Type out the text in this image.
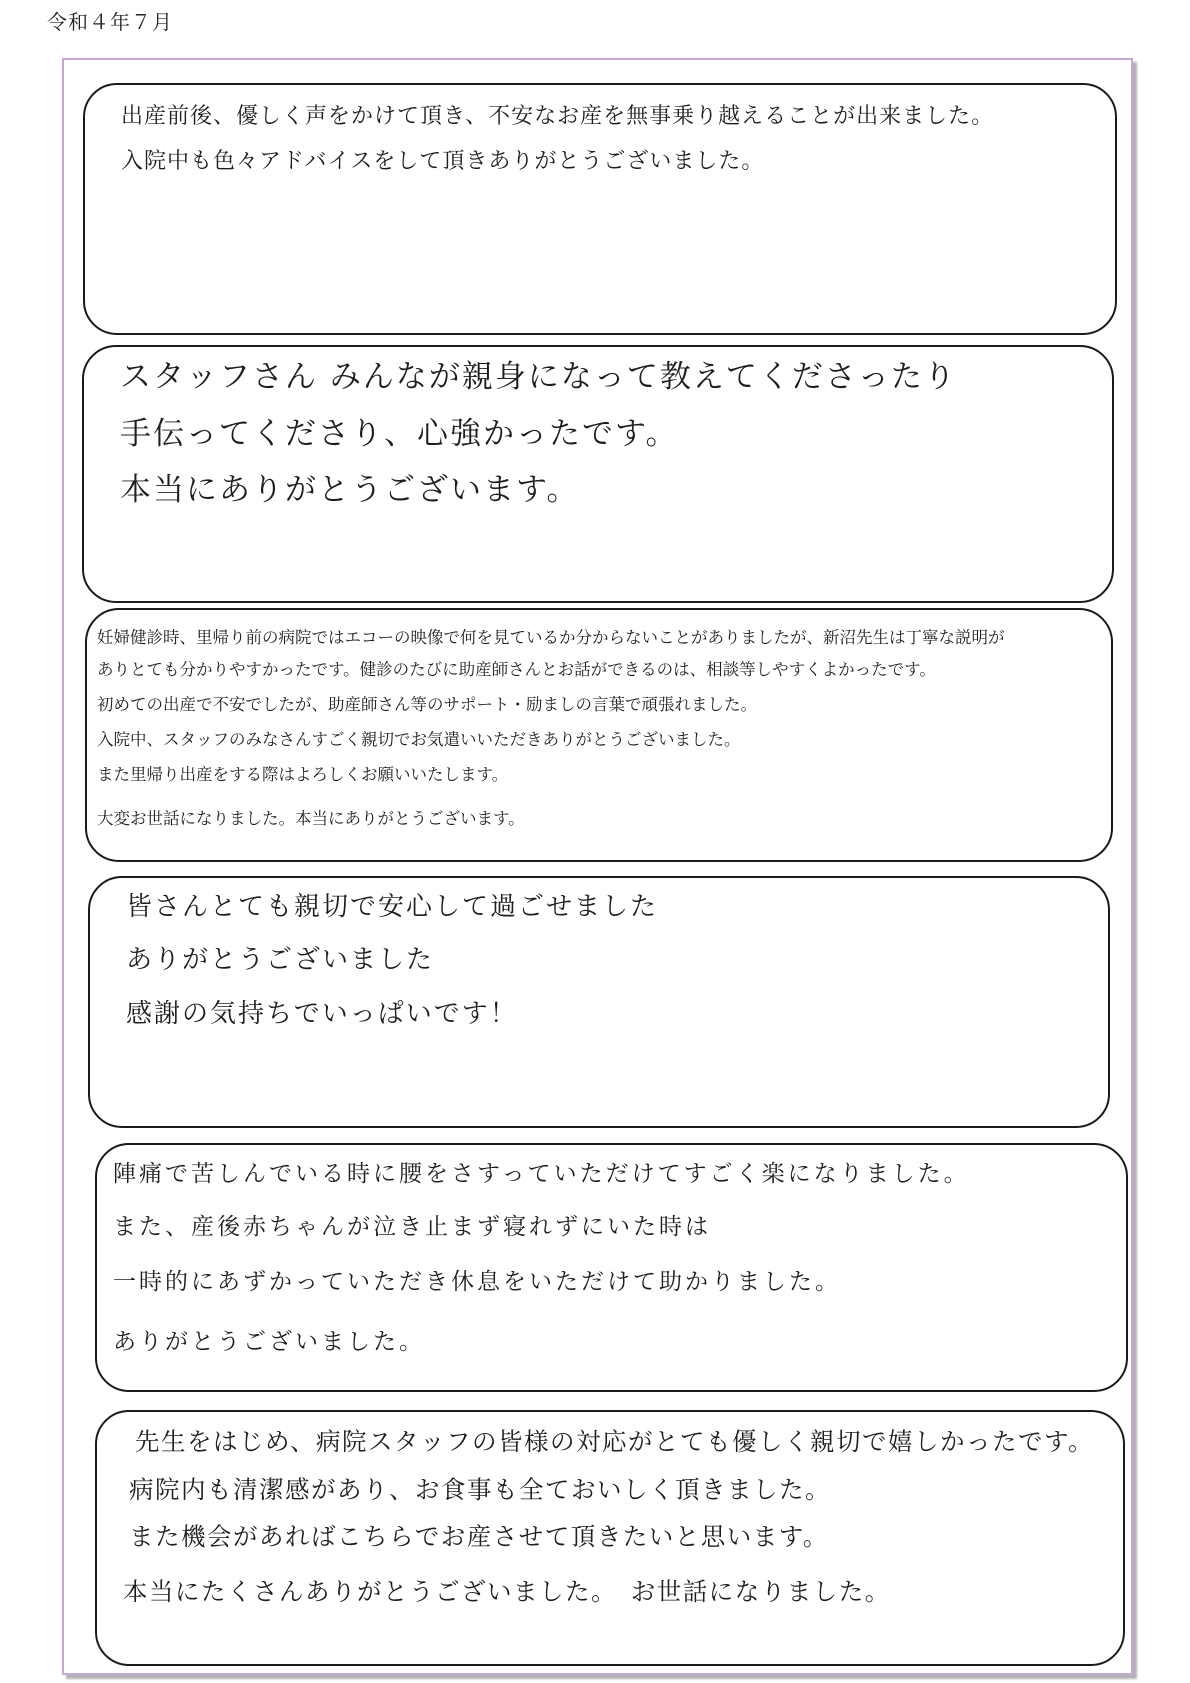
令和４年７月
出産前後、優しく声をかけて頂き、不安なお産を無事乗り越えることが出来ました。
入院中も色々アドバイスをして頂きありがとうございました。
スタッフさん みんなが親身になって教えてくださったり
手伝ってくださり、心強かったです。
本当にありがとうございます。
妊婦健診時、里帰り前の病院ではエコーの映像で何を見ているか分からないことがありましたが、新沼先生は丁寧な説明が
ありとても分かりやすかったです。健診のたびに助産師さんとお話ができるのは、相談等しやすくよかったです。
初めての出産で不安でしたが、助産師さん等のサポート・励ましの言葉で頑張れました。
入院中、スタッフのみなさんすごく親切でお気遣いいただきありがとうございました。
また里帰り出産をする際はよろしくお願いいたします。
大変お世話になりました。本当にありがとうございます。
皆さんとても親切で安心して過ごせました
ありがとうございました
感謝の気持ちでいっぱいです！
陣痛で苦しんでいる時に腰をさすっていただけてすごく楽になりました。
また、産後赤ちゃんが泣き止まず寝れずにいた時は
一時的にあずかっていただき休息をいただけて助かりました。
ありがとうございました。
先生をはじめ、病院スタッフの皆様の対応がとても優しく親切で嬉しかったです。
病院内も清潔感があり、お食事も全ておいしく頂きました。
また機会があればこちらでお産させて頂きたいと思います。
本当にたくさんありがとうございました。　お世話になりました。
